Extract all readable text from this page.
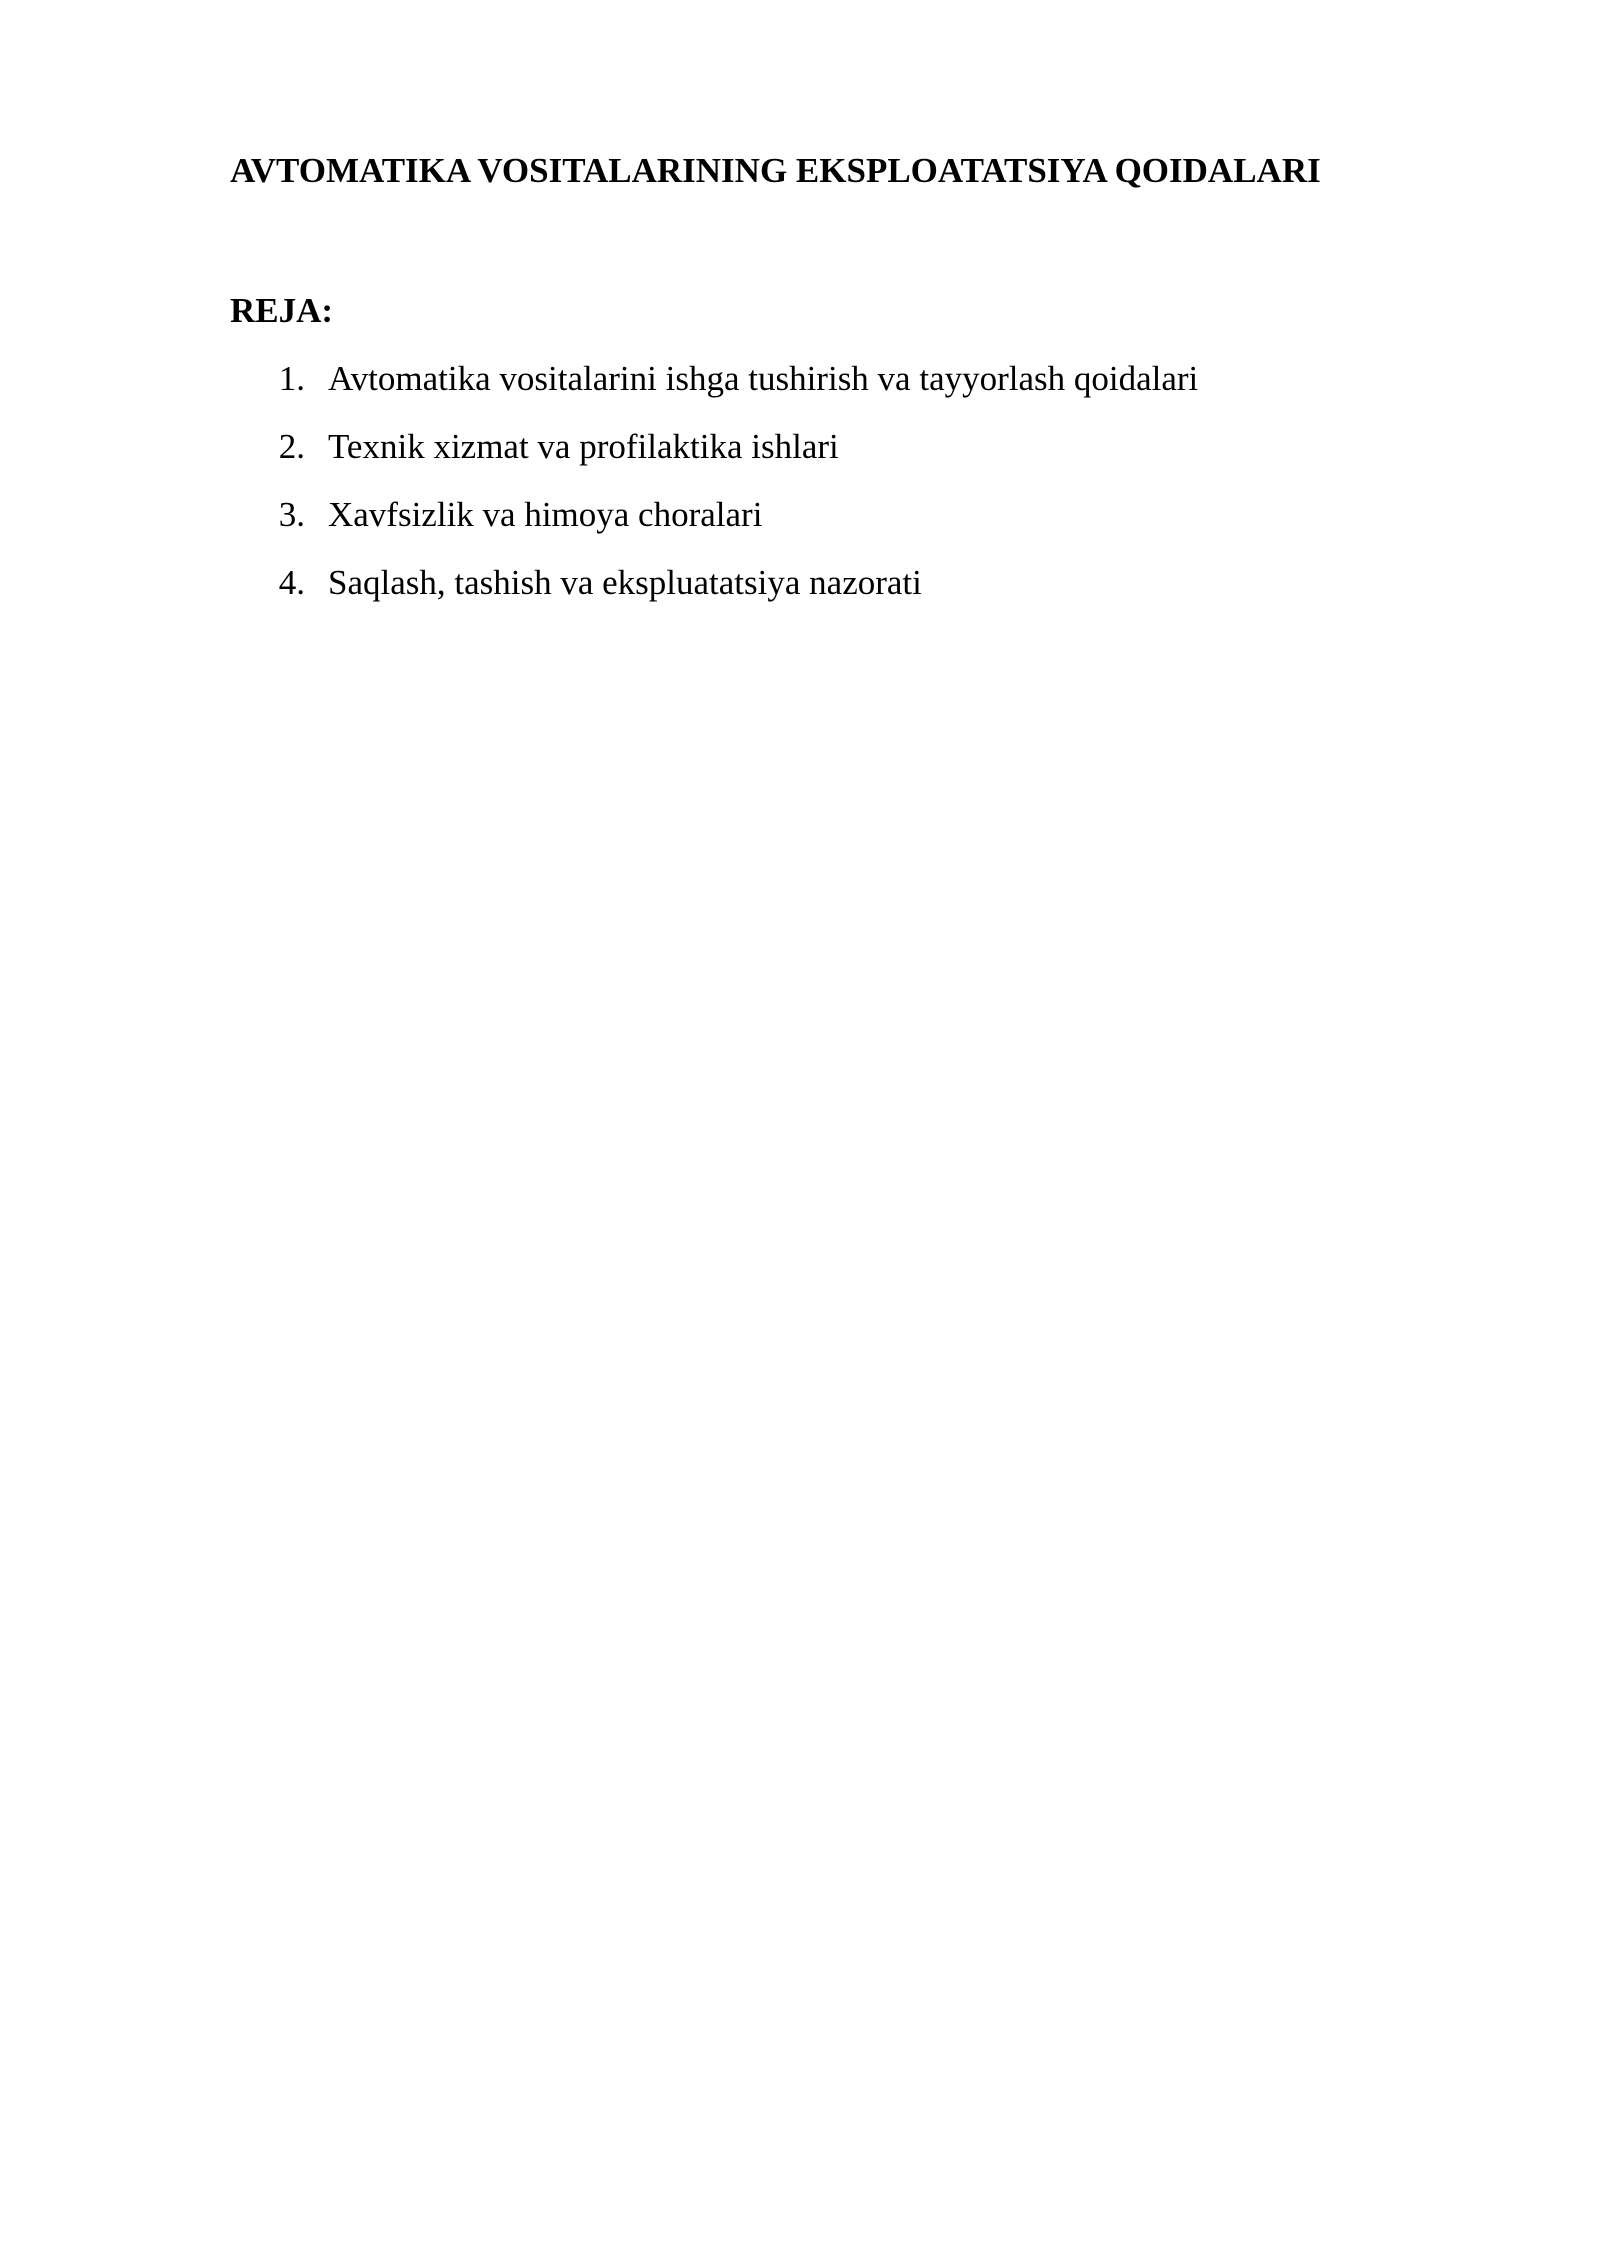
AVTOMATIKA VOSITALARINING EKSPLOATATSIYA QOIDALARI
REJA:
1. Avtomatika vositalarini ishga tushirish va tayyorlash qoidalari
2. Texnik xizmat va profilaktika ishlari
3. Xavfsizlik va himoya choralari
4. Saqlash, tashish va ekspluatatsiya nazorati
